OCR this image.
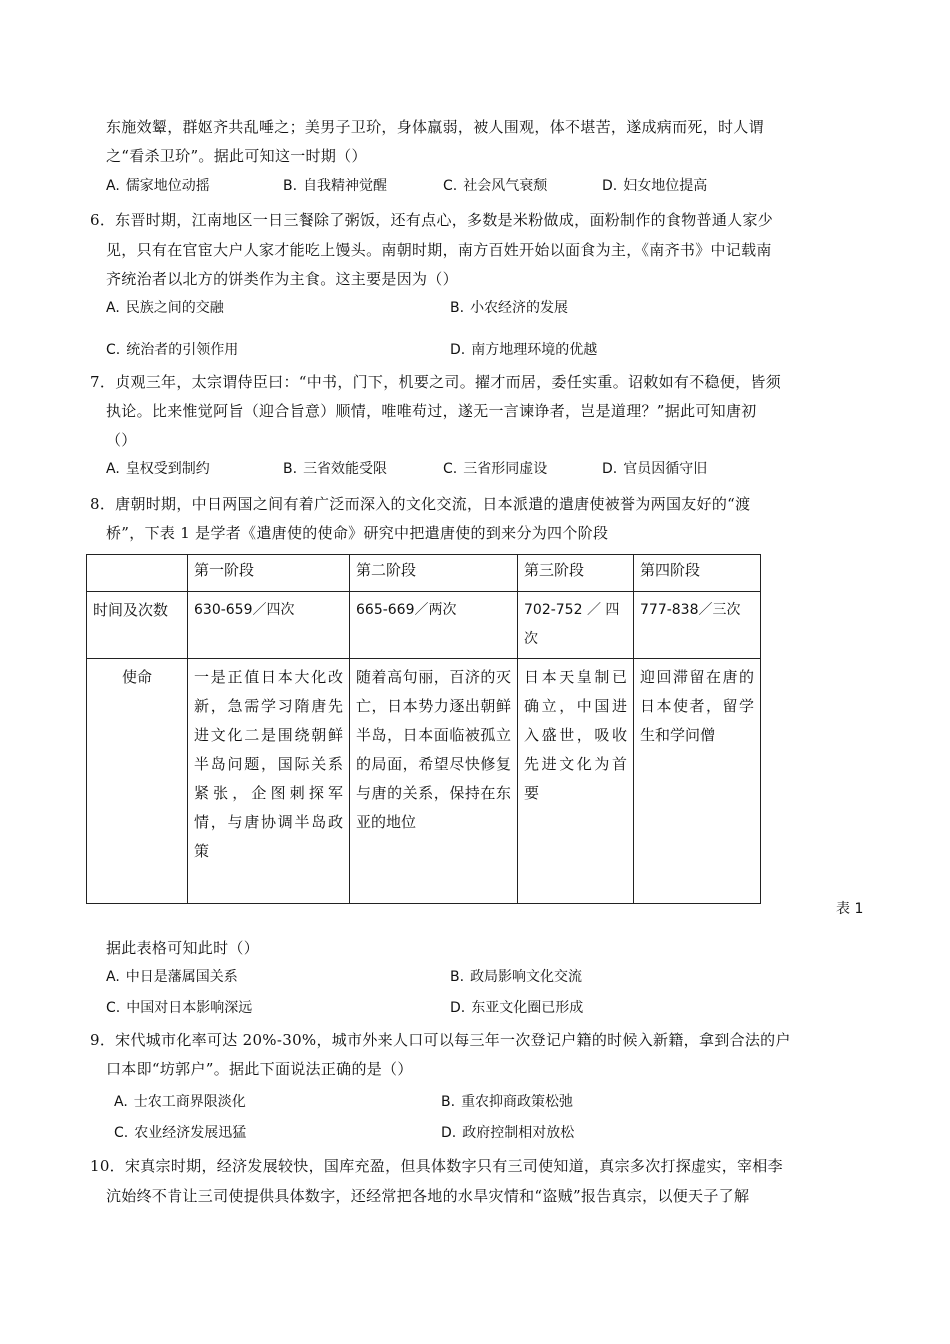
东施效颦，群妪齐共乱唾之；美男子卫玠，身体羸弱，被人围观，体不堪苦，遂成病而死，时人谓
之“看杀卫玠”。据此可知这一时期（）
A. 儒家地位动摇	B. 自我精神觉醒	C. 社会风气衰颓	D. 妇女地位提高
6．东晋时期，江南地区一日三餐除了粥饭，还有点心，多数是米粉做成，面粉制作的食物普通人家少
见，只有在官宦大户人家才能吃上馒头。南朝时期，南方百姓开始以面食为主，《南齐书》中记载南
齐统治者以北方的饼类作为主食。这主要是因为（）
A. 民族之间的交融	B. 小农经济的发展
C. 统治者的引领作用	D. 南方地理环境的优越
7．贞观三年，太宗谓侍臣曰：“中书，门下，机要之司。擢才而居，委任实重。诏敕如有不稳便，皆须
执论。比来惟觉阿旨（迎合旨意）顺情，唯唯苟过，遂无一言谏诤者，岂是道理？”据此可知唐初
（）
A. 皇权受到制约	B. 三省效能受限	C. 三省形同虚设	D. 官员因循守旧
8．唐朝时期，中日两国之间有着广泛而深入的文化交流，日本派遣的遣唐使被誉为两国友好的“渡
桥”，下表 1 是学者《遣唐使的使命》研究中把遣唐使的到来分为四个阶段
	第一阶段	第二阶段	第三阶段	第四阶段
时间及次数	630-659／四次	665-669／两次	702-752 ／ 四次	777-838／三次
使命	一是正值日本大化改新，急需学习隋唐先进文化二是围绕朝鲜半岛问题，国际关系紧张，企图刺探军情，与唐协调半岛政策	随着高句丽，百济的灭亡，日本势力逐出朝鲜半岛，日本面临被孤立的局面，希望尽快修复与唐的关系，保持在东亚的地位	日本天皇制已确立，中国进入盛世，吸收先进文化为首要	迎回滞留在唐的日本使者，留学生和学问僧
表 1
据此表格可知此时（）
A. 中日是藩属国关系	B. 政局影响文化交流
C. 中国对日本影响深远	D. 东亚文化圈已形成
9．宋代城市化率可达 20%-30%，城市外来人口可以每三年一次登记户籍的时候入新籍，拿到合法的户
口本即“坊郭户”。据此下面说法正确的是（）
A. 士农工商界限淡化	B. 重农抑商政策松弛
C. 农业经济发展迅猛	D. 政府控制相对放松
10．宋真宗时期，经济发展较快，国库充盈，但具体数字只有三司使知道，真宗多次打探虚实，宰相李
沆始终不肯让三司使提供具体数字，还经常把各地的水旱灾情和“盗贼”报告真宗，以便天子了解
